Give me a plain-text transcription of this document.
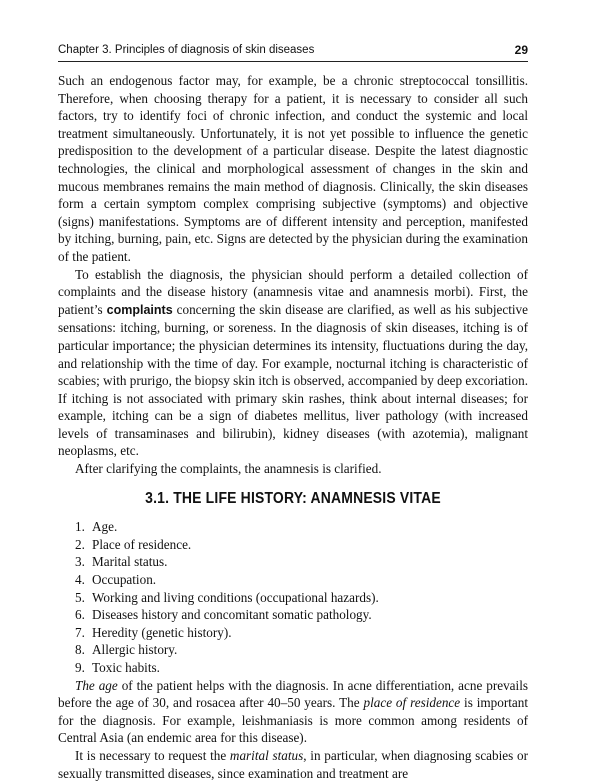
Chapter 3. Principles of diagnosis of skin diseases	29

Such an endogenous factor may, for example, be a chronic streptococcal tonsillitis. Therefore, when choosing therapy for a patient, it is necessary to consider all such factors, try to identify foci of chronic infection, and conduct the systemic and local treatment simultaneously. Unfortunately, it is not yet possible to influence the genetic predisposition to the development of a particular disease. Despite the latest diagnostic technologies, the clinical and morphological assessment of changes in the skin and mucous membranes remains the main method of diagnosis. Clinically, the skin diseases form a certain symptom complex comprising subjective (symptoms) and objective (signs) manifestations. Symptoms are of different intensity and perception, manifested by itching, burning, pain, etc. Signs are detected by the physician during the examination of the patient.

To establish the diagnosis, the physician should perform a detailed collection of complaints and the disease history (anamnesis vitae and anamnesis morbi). First, the patient’s complaints concerning the skin disease are clarified, as well as his subjective sensations: itching, burning, or soreness. In the diagnosis of skin diseases, itching is of particular importance; the physician determines its intensity, fluctuations during the day, and relationship with the time of day. For example, nocturnal itching is characteristic of scabies; with prurigo, the biopsy skin itch is observed, accompanied by deep excoriation. If itching is not associated with primary skin rashes, think about internal diseases; for example, itching can be a sign of diabetes mellitus, liver pathology (with increased levels of transaminases and bilirubin), kidney diseases (with azotemia), malignant neoplasms, etc.

After clarifying the complaints, the anamnesis is clarified.

3.1. THE LIFE HISTORY: ANAMNESIS VITAE
1. Age.
2. Place of residence.
3. Marital status.
4. Occupation.
5. Working and living conditions (occupational hazards).
6. Diseases history and concomitant somatic pathology.
7. Heredity (genetic history).
8. Allergic history.
9. Toxic habits.

The age of the patient helps with the diagnosis. In acne differentiation, acne prevails before the age of 30, and rosacea after 40–50 years. The place of residence is important for the diagnosis. For example, leishmaniasis is more common among residents of Central Asia (an endemic area for this disease).

It is necessary to request the marital status, in particular, when diagnosing scabies or sexually transmitted diseases, since examination and treatment are
